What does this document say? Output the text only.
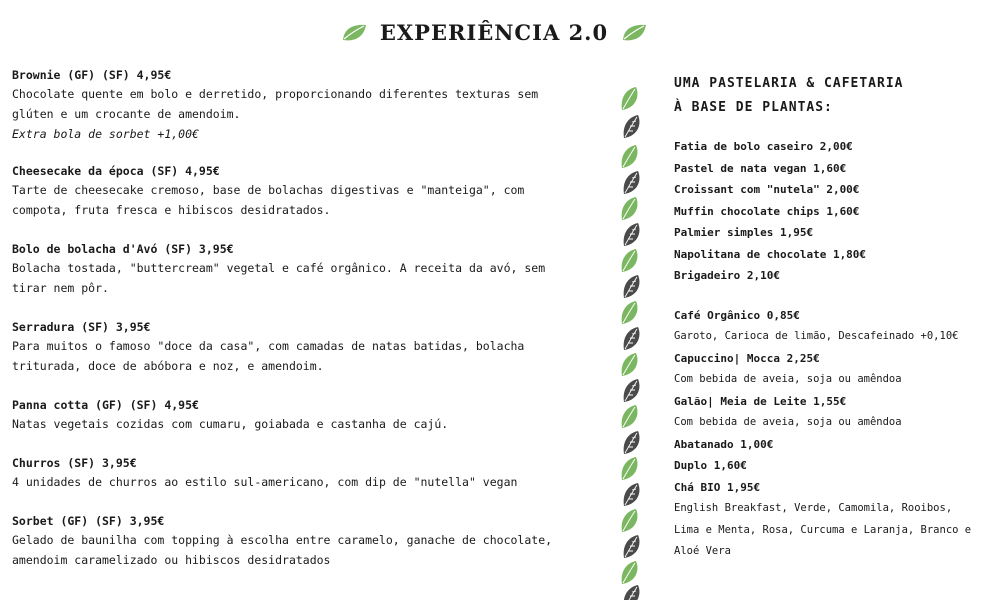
EXPERIÊNCIA 2.0
Brownie (GF) (SF) 4,95€
Chocolate quente em bolo e derretido, proporcionando diferentes texturas sem glúten e um crocante de amendoim.
Extra bola de sorbet +1,00€
Cheesecake da época (SF) 4,95€
Tarte de cheesecake cremoso, base de bolachas digestivas e "manteiga", com compota, fruta fresca e hibiscos desidratados.
Bolo de bolacha d'Avó (SF) 3,95€
Bolacha tostada, "buttercream" vegetal e café orgânico. A receita da avó, sem tirar nem pôr.
Serradura (SF) 3,95€
Para muitos o famoso "doce da casa", com camadas de natas batidas, bolacha triturada, doce de abóbora e noz, e amendoim.
Panna cotta (GF) (SF) 4,95€
Natas vegetais cozidas com cumaru, goiabada e castanha de cajú.
Churros (SF) 3,95€
4 unidades de churros ao estilo sul-americano, com dip de "nutella" vegan
Sorbet (GF) (SF) 3,95€
Gelado de baunilha com topping à escolha entre caramelo, ganache de chocolate, amendoim caramelizado ou hibiscos desidratados
UMA PASTELARIA & CAFETARIA
À BASE DE PLANTAS:
Fatia de bolo caseiro 2,00€
Pastel de nata vegan 1,60€
Croissant com "nutela" 2,00€
Muffin chocolate chips 1,60€
Palmier simples 1,95€
Napolitana de chocolate 1,80€
Brigadeiro 2,10€
Café Orgânico 0,85€
Garoto, Carioca de limão, Descafeinado +0,10€
Capuccino| Mocca 2,25€
Com bebida de aveia, soja ou amêndoa
Galão| Meia de Leite 1,55€
Com bebida de aveia, soja ou amêndoa
Abatanado 1,00€
Duplo 1,60€
Chá BIO 1,95€
English Breakfast, Verde, Camomila, Rooibos, Lima e Menta, Rosa, Curcuma e Laranja, Branco e Aloé Vera
